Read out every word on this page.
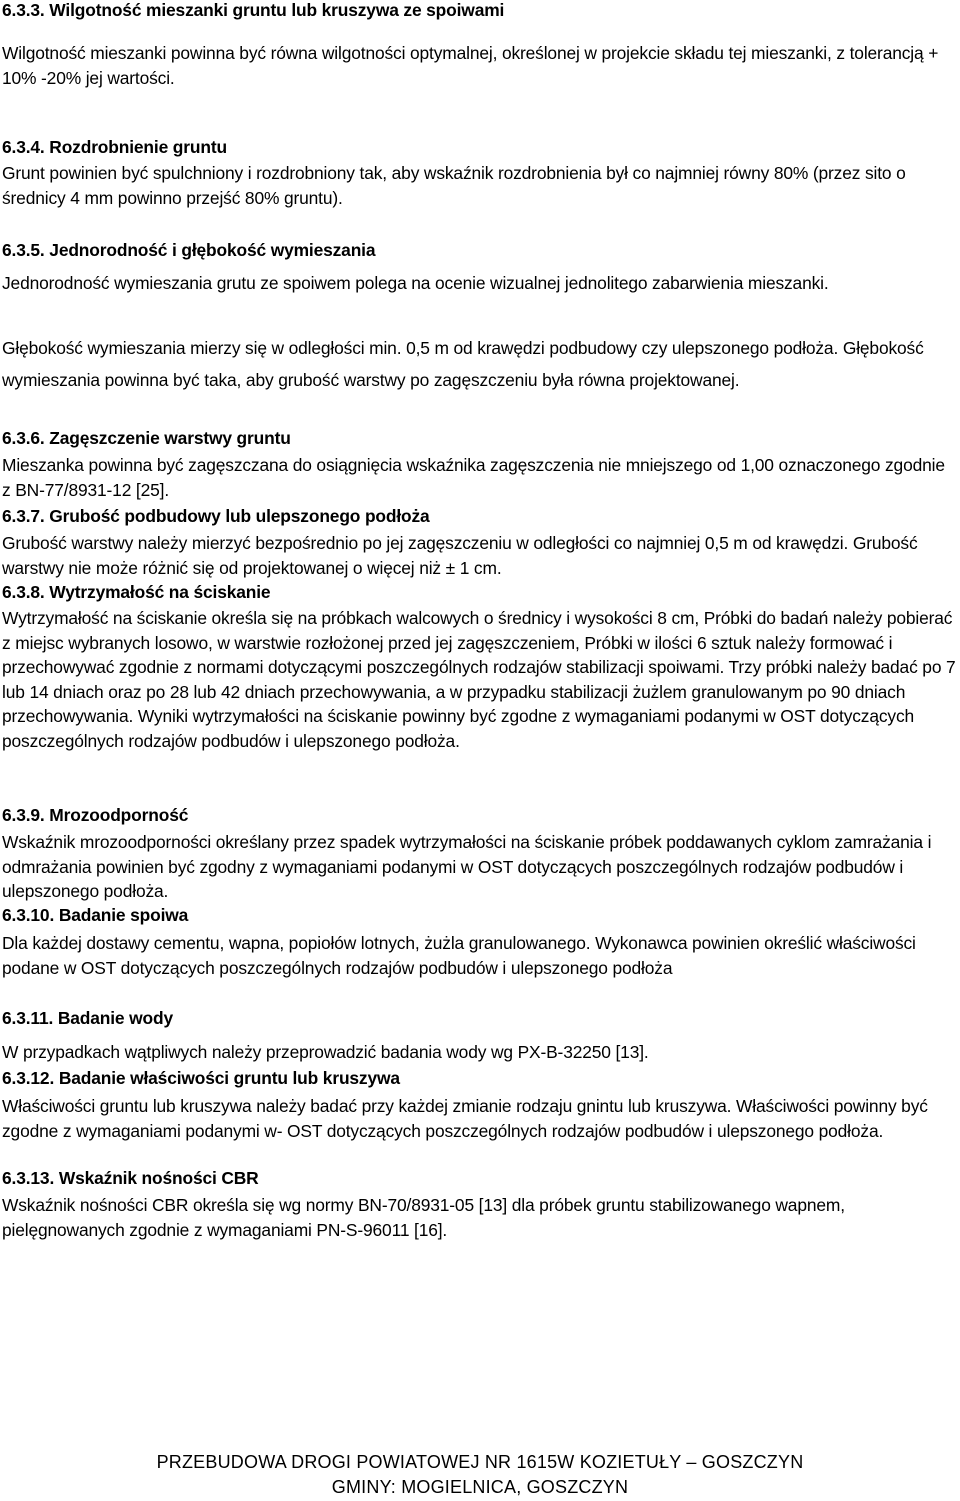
6.3.3. Wilgotność mieszanki gruntu lub kruszywa ze spoiwami
Wilgotność mieszanki powinna być równa wilgotności optymalnej, określonej w projekcie składu tej mieszanki, z tolerancją + 10% -20% jej wartości.
6.3.4. Rozdrobnienie gruntu
Grunt powinien być spulchniony i rozdrobniony tak, aby wskaźnik rozdrobnienia był co najmniej równy 80% (przez sito o średnicy 4 mm powinno przejść 80% gruntu).
6.3.5. Jednorodność i głębokość wymieszania
Jednorodność wymieszania grutu ze spoiwem polega na ocenie wizualnej jednolitego zabarwienia mieszanki.
Głębokość wymieszania mierzy się w odległości min. 0,5 m od krawędzi podbudowy czy ulepszonego podłoża. Głębokość wymieszania powinna być taka, aby grubość warstwy po zagęszczeniu była równa projektowanej.
6.3.6. Zagęszczenie warstwy gruntu
Mieszanka powinna być zagęszczana do osiągnięcia wskaźnika zagęszczenia nie mniejszego od 1,00 oznaczonego zgodnie z BN-77/8931-12 [25].
6.3.7. Grubość podbudowy lub ulepszonego podłoża
Grubość warstwy należy mierzyć bezpośrednio po jej zagęszczeniu w odległości co najmniej 0,5 m od krawędzi. Grubość warstwy nie może różnić się od projektowanej o więcej niż ± 1 cm.
6.3.8. Wytrzymałość na ściskanie
Wytrzymałość na ściskanie określa się na próbkach walcowych o średnicy i wysokości 8 cm, Próbki do badań należy pobierać z miejsc wybranych losowo, w warstwie rozłożonej przed jej zagęszczeniem, Próbki w ilości 6 sztuk należy formować i przechowywać zgodnie z normami dotyczącymi poszczególnych rodzajów stabilizacji spoiwami. Trzy próbki należy badać po 7 lub 14 dniach oraz po 28 lub 42 dniach przechowywania, a w przypadku stabilizacji żużlem granulowanym po 90 dniach przechowywania. Wyniki wytrzymałości na ściskanie powinny być zgodne z wymaganiami podanymi w OST dotyczących poszczególnych rodzajów podbudów i ulepszonego podłoża.
6.3.9. Mrozoodporność
Wskaźnik mrozoodporności określany przez spadek wytrzymałości na ściskanie próbek poddawanych cyklom zamrażania i odmrażania powinien być zgodny z wymaganiami podanymi w OST dotyczących poszczególnych rodzajów podbudów i ulepszonego podłoża.
6.3.10. Badanie spoiwa
Dla każdej dostawy cementu, wapna, popiołów lotnych, żużla granulowanego. Wykonawca powinien określić właściwości podane w OST dotyczących poszczególnych rodzajów podbudów i ulepszonego podłoża
6.3.11. Badanie wody
W przypadkach wątpliwych należy przeprowadzić badania wody wg PX-B-32250 [13].
6.3.12. Badanie właściwości gruntu lub kruszywa
Właściwości gruntu lub kruszywa należy badać przy każdej zmianie rodzaju gnintu lub kruszywa. Właściwości powinny być zgodne z wymaganiami podanymi w- OST dotyczących poszczególnych rodzajów podbudów i ulepszonego podłoża.
6.3.13. Wskaźnik nośności CBR
Wskaźnik nośności CBR określa się wg normy BN-70/8931-05 [13] dla próbek gruntu stabilizowanego wapnem, pielęgnowanych zgodnie z wymaganiami PN-S-96011 [16].
PRZEBUDOWA DROGI POWIATOWEJ NR 1615W KOZIETUŁY – GOSZCZYN
GMINY: MOGIELNICA, GOSZCZYN
